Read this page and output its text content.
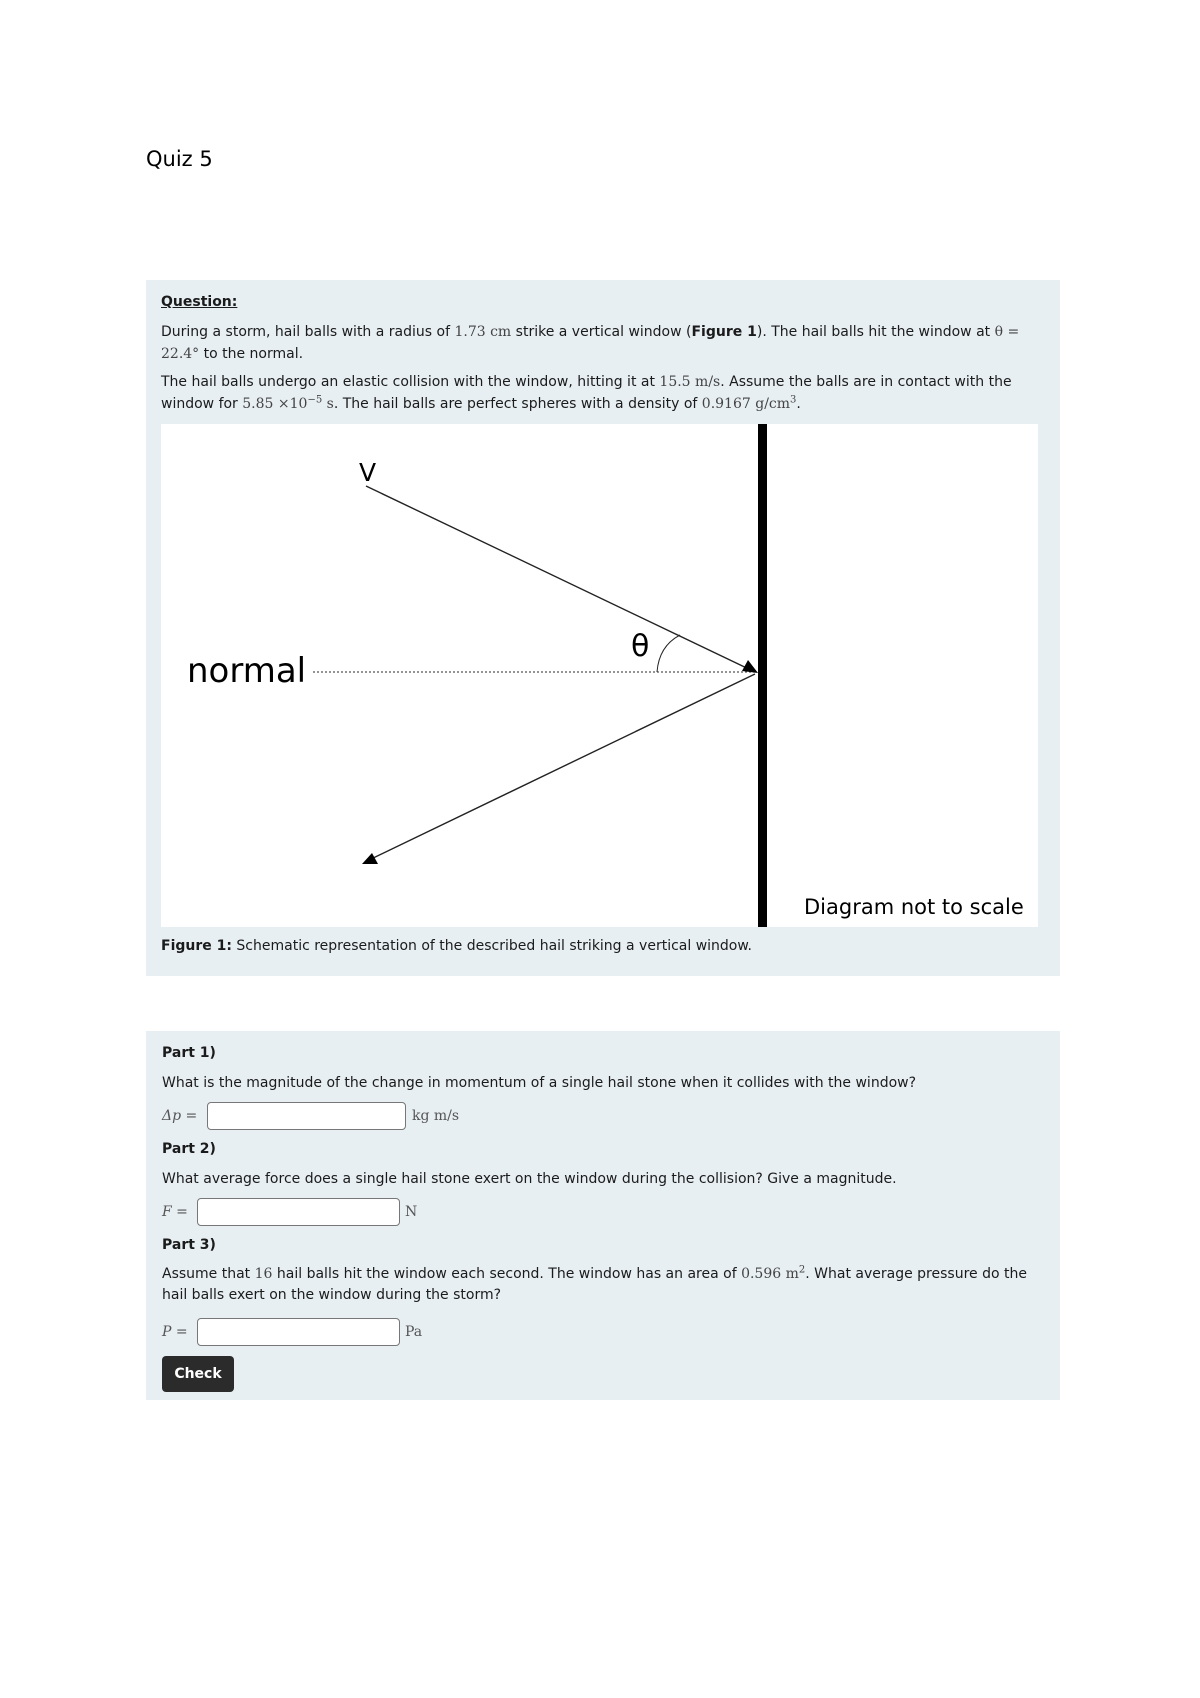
Quiz 5
Question:
During a storm, hail balls with a radius of 1.73 cm strike a vertical window (Figure 1). The hail balls hit the window at θ = 22.4° to the normal.
The hail balls undergo an elastic collision with the window, hitting it at 15.5 m/s. Assume the balls are in contact with the window for $5.85 \times 10^{-5}$ s. The hail balls are perfect spheres with a density of 0.9167 $g/cm^3$.
V
normal
θ
Diagram not to scale
Figure 1: Schematic representation of the described hail striking a vertical window.
Part 1)
What is the magnitude of the change in momentum of a single hail stone when it collides with the window?
Δp =	kg m/s
Part 2)
What average force does a single hail stone exert on the window during the collision? Give a magnitude.
F =	N
Part 3)
Assume that 16 hail balls hit the window each second. The window has an area of 0.596 $m^2$. What average pressure do the hail balls exert on the window during the storm?
P =	Pa
Check
